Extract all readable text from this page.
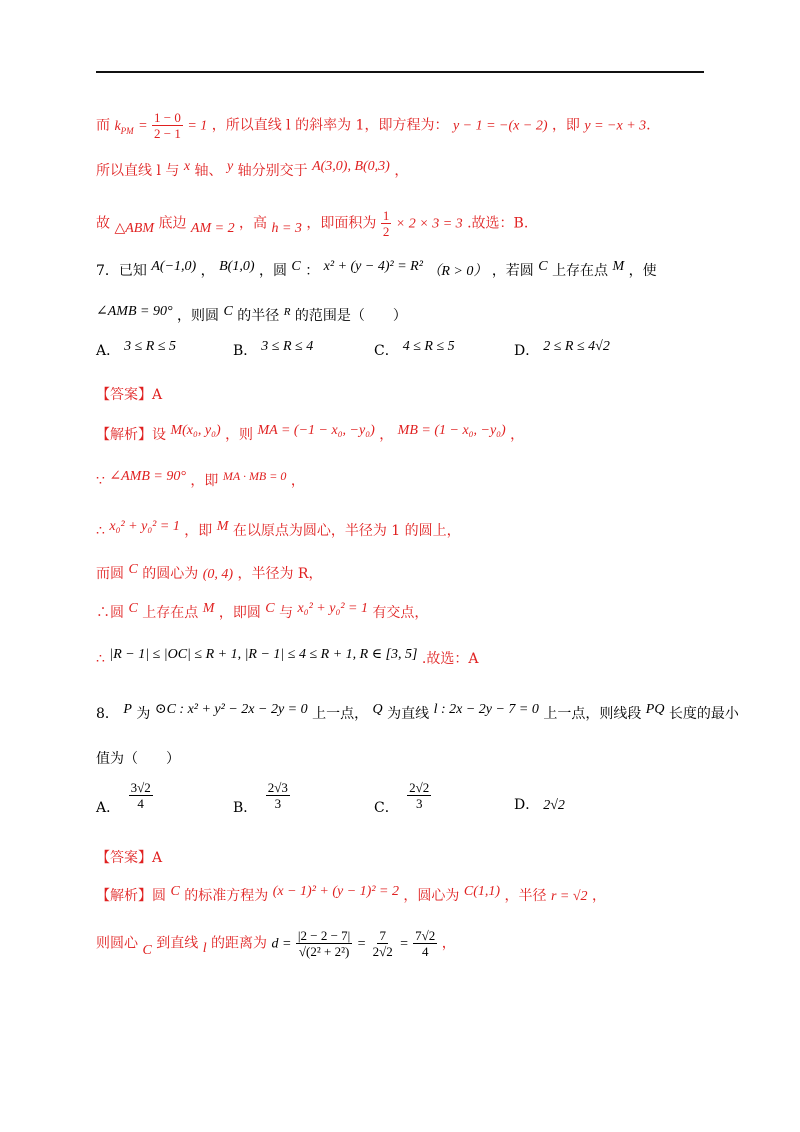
而 $k_{PM} = \frac{1 - 0}{2 - 1} = 1$ ，所以直线 l 的斜率为 1，即方程为： y − 1 = −(x − 2) ，即 y = −x + 3.
所以直线 l 与 x 轴、 y 轴分别交于 A(3,0), B(0,3) ，
故 △ABM 底边 AM = 2 ，高 h = 3 ，即面积为 $\frac{1}{2} \times 2 \times 3 = 3$ .故选：B.
7．已知 A(−1,0) ， B(1,0) ，圆 C ： x² + (y − 4)² = R² （R > 0） ，若圆 C 上存在点 M ，使
∠AMB = 90° ，则圆 C 的半径 $^R$ 的范围是（　　）
A． 3 ≤ R ≤ 5	B． 3 ≤ R ≤ 4	C． 4 ≤ R ≤ 5	D． 2 ≤ R ≤ 4√2
【答案】A
【解析】设 M(x₀, y₀) ，则 MA = (−1 − x₀, −y₀) ， MB = (1 − x₀, −y₀) ，
∵ ∠AMB = 90° ，即 MA · MB = 0 ，
∴ x₀² + y₀² = 1 ，即 M 在以原点为圆心，半径为 1 的圆上，
而圆 C 的圆心为 (0, 4) ，半径为 R，
∴圆 C 上存在点 M ，即圆 C 与 x₀² + y₀² = 1 有交点，
∴ |R − 1| ≤ |OC| ≤ R + 1, |R − 1| ≤ 4 ≤ R + 1, R ∈ [3, 5] .故选：A
8． P 为 ⊙C : x² + y² − 2x − 2y = 0 上一点， Q 为直线 l : 2x − 2y − 7 = 0 上一点，则线段 PQ 长度的最小
值为（　　）
A． $\frac{3√2}{4}$	B． $\frac{2√3}{3}$	C． $\frac{2√2}{3}$	D． 2√2
【答案】A
【解析】圆 C 的标准方程为 (x − 1)² + (y − 1)² = 2 ，圆心为 C(1,1) ，半径 r = √2 ，
则圆心 C 到直线 l 的距离为 $d = \frac{|2 - 2 - 7|}{\text{√(2² + 2²)}} = \frac{7}{2√2} = \frac{7√2}{4}$ ，
